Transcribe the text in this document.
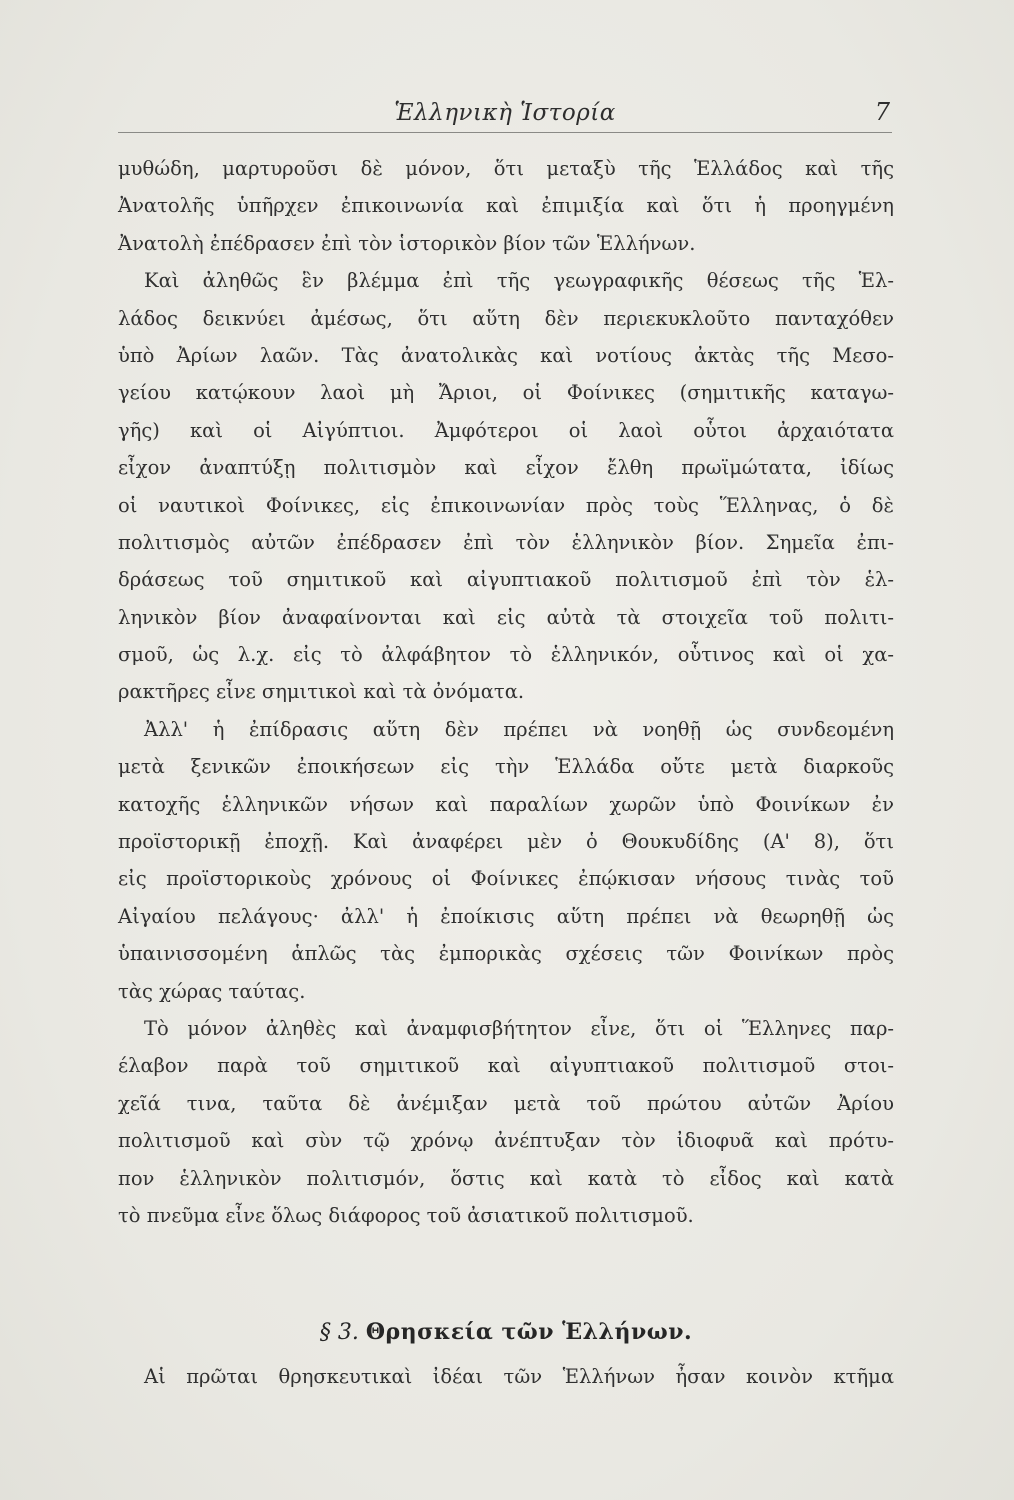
Ἑλληνικὴ Ἱστορία	7
μυθώδη, μαρτυροῦσι δὲ μόνον, ὅτι μεταξὺ τῆς Ἑλλάδος καὶ τῆς
Ἀνατολῆς ὑπῆρχεν ἐπικοινωνία καὶ ἐπιμιξία καὶ ὅτι ἡ προηγμένη
Ἀνατολὴ ἐπέδρασεν ἐπὶ τὸν ἱστορικὸν βίον τῶν Ἑλλήνων.
Καὶ ἀληθῶς ἓν βλέμμα ἐπὶ τῆς γεωγραφικῆς θέσεως τῆς Ἑλ-
λάδος δεικνύει ἀμέσως, ὅτι αὕτη δὲν περιεκυκλοῦτο πανταχόθεν
ὑπὸ Ἀρίων λαῶν. Τὰς ἀνατολικὰς καὶ νοτίους ἀκτὰς τῆς Μεσο-
γείου κατῴκουν λαοὶ μὴ Ἄριοι, οἱ Φοίνικες (σημιτικῆς καταγω-
γῆς) καὶ οἱ Αἰγύπτιοι. Ἀμφότεροι οἱ λαοὶ οὗτοι ἀρχαιότατα
εἶχον ἀναπτύξῃ πολιτισμὸν καὶ εἶχον ἔλθη πρωϊμώτατα, ἰδίως
οἱ ναυτικοὶ Φοίνικες, εἰς ἐπικοινωνίαν πρὸς τοὺς Ἕλληνας, ὁ δὲ
πολιτισμὸς αὐτῶν ἐπέδρασεν ἐπὶ τὸν ἑλληνικὸν βίον. Σημεῖα ἐπι-
δράσεως τοῦ σημιτικοῦ καὶ αἰγυπτιακοῦ πολιτισμοῦ ἐπὶ τὸν ἑλ-
ληνικὸν βίον ἀναφαίνονται καὶ εἰς αὐτὰ τὰ στοιχεῖα τοῦ πολιτι-
σμοῦ, ὡς λ.χ. εἰς τὸ ἀλφάβητον τὸ ἑλληνικόν, οὗτινος καὶ οἱ χα-
ρακτῆρες εἶνε σημιτικοὶ καὶ τὰ ὀνόματα.
Ἀλλ' ἡ ἐπίδρασις αὕτη δὲν πρέπει νὰ νοηθῇ ὡς συνδεομένη
μετὰ ξενικῶν ἐποικήσεων εἰς τὴν Ἑλλάδα οὔτε μετὰ διαρκοῦς
κατοχῆς ἑλληνικῶν νήσων καὶ παραλίων χωρῶν ὑπὸ Φοινίκων ἐν
προϊστορικῇ ἐποχῇ. Καὶ ἀναφέρει μὲν ὁ Θουκυδίδης (Α' 8), ὅτι
εἰς προϊστορικοὺς χρόνους οἱ Φοίνικες ἐπῴκισαν νήσους τινὰς τοῦ
Αἰγαίου πελάγους· ἀλλ' ἡ ἐποίκισις αὕτη πρέπει νὰ θεωρηθῇ ὡς
ὑπαινισσομένη ἁπλῶς τὰς ἐμπορικὰς σχέσεις τῶν Φοινίκων πρὸς
τὰς χώρας ταύτας.
Τὸ μόνον ἀληθὲς καὶ ἀναμφισβήτητον εἶνε, ὅτι οἱ Ἕλληνες παρ-
έλαβον παρὰ τοῦ σημιτικοῦ καὶ αἰγυπτιακοῦ πολιτισμοῦ στοι-
χεῖά τινα, ταῦτα δὲ ἀνέμιξαν μετὰ τοῦ πρώτου αὐτῶν Ἀρίου
πολιτισμοῦ καὶ σὺν τῷ χρόνῳ ἀνέπτυξαν τὸν ἰδιοφυᾶ καὶ πρότυ-
πον ἑλληνικὸν πολιτισμόν, ὅστις καὶ κατὰ τὸ εἶδος καὶ κατὰ
τὸ πνεῦμα εἶνε ὅλως διάφορος τοῦ ἀσιατικοῦ πολιτισμοῦ.
§ 3. Θρησκεία τῶν Ἑλλήνων.
Αἱ πρῶται θρησκευτικαὶ ἰδέαι τῶν Ἑλλήνων ἦσαν κοινὸν κτῆμα
